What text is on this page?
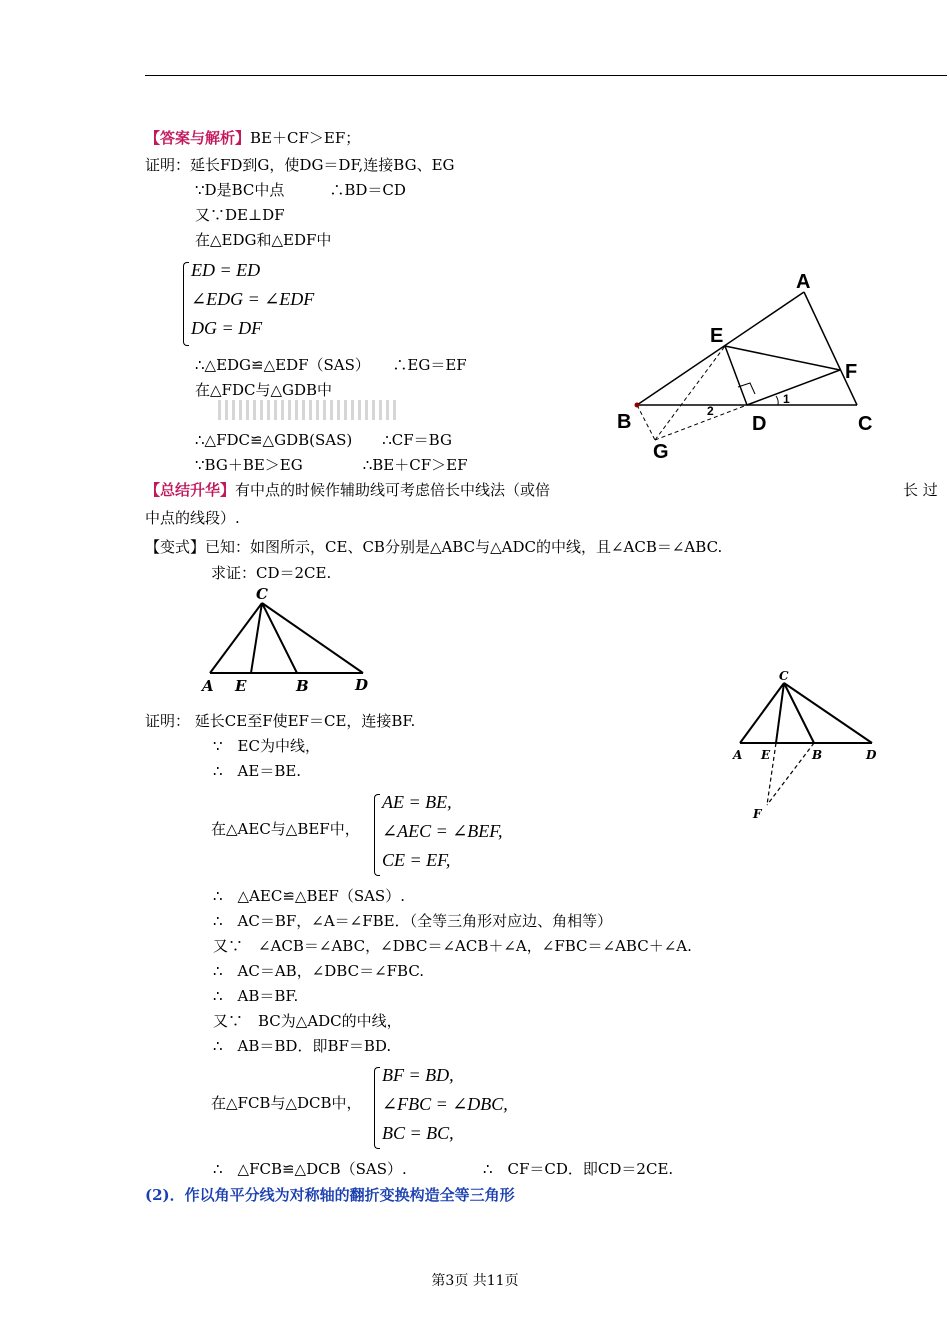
【答案与解析】BE＋CF＞EF；
证明：延长FD到G，使DG＝DF,连接BG、EG
∵D是BC中点　　　∴BD＝CD
又∵DE⊥DF
在△EDG和△EDF中
ED = ED
∠EDG = ∠EDF
DG = DF
∴△EDG≌△EDF（SAS）　　∴EG＝EF
在△FDC与△GDB中
∴△FDC≌△GDB(SAS)　　∴CF＝BG
∵BG＋BE＞EG　　　　∴BE＋CF＞EF
A
E
F
B	D	C
G
1
2
【总结升华】有中点的时候作辅助线可考虑倍长中线法（或倍	长 过
中点的线段）.
【变式】已知：如图所示，CE、CB分别是△ABC与△ADC的中线，且∠ACB＝∠ABC.
求证：CD＝2CE.
C
A E	B	D	C
A E	B	D
F
证明： 延长CE至F使EF＝CE，连接BF.
∵　EC为中线，
∴　AE＝BE.
在△AEC与△BEF中，
AE = BE,
∠AEC = ∠BEF,
CE = EF,
∴　△AEC≌△BEF（SAS）.
∴　AC＝BF，∠A＝∠FBE．（全等三角形对应边、角相等）
又∵　∠ACB＝∠ABC，∠DBC＝∠ACB＋∠A，∠FBC＝∠ABC＋∠A.
∴　AC＝AB，∠DBC＝∠FBC.
∴　AB＝BF.
又∵　BC为△ADC的中线，
∴　AB＝BD．即BF＝BD.
在△FCB与△DCB中，
BF = BD,
∠FBC = ∠DBC,
BC = BC,
∴　△FCB≌△DCB（SAS）.	∴　CF＝CD．即CD＝2CE.
(2)．作以角平分线为对称轴的翻折变换构造全等三角形
第3页 共11页
